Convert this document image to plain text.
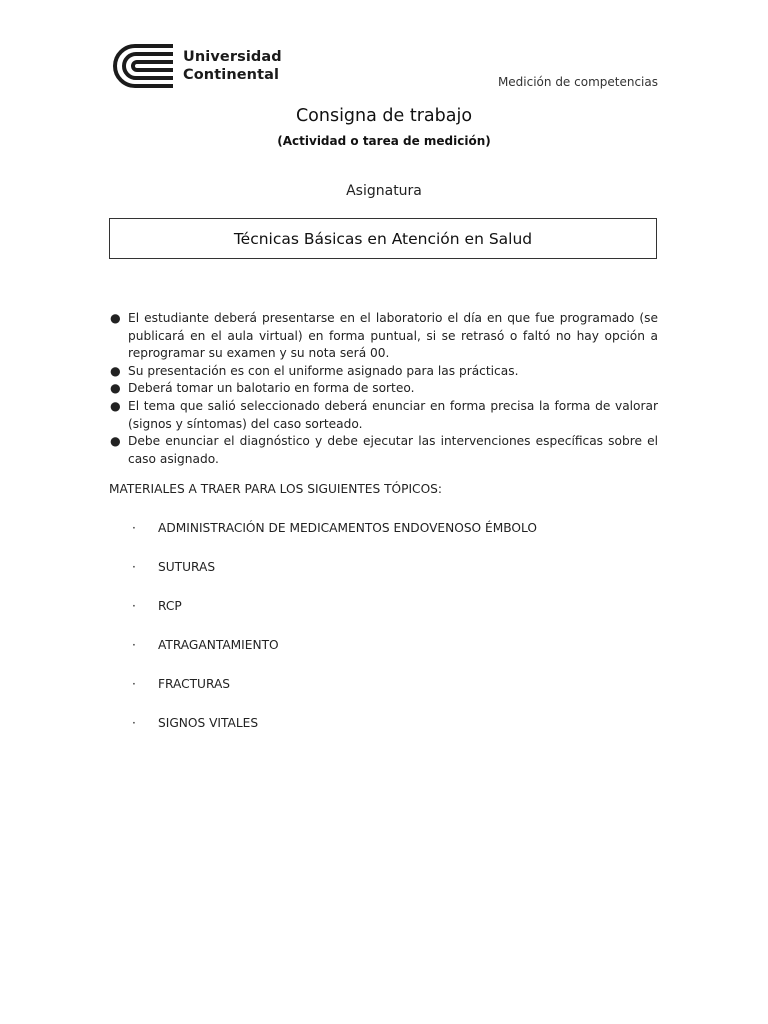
Universidad
Continental	Medición de competencias
Consigna de trabajo
(Actividad o tarea de medición)
Asignatura
Técnicas Básicas en Atención en Salud
● El estudiante deberá presentarse en el laboratorio el día en que fue programado (se publicará en el aula virtual) en forma puntual, si se retrasó o faltó no hay opción a reprogramar su examen y su nota será 00.
● Su presentación es con el uniforme asignado para las prácticas.
● Deberá tomar un balotario en forma de sorteo.
● El tema que salió seleccionado deberá enunciar en forma precisa la forma de valorar (signos y síntomas) del caso sorteado.
● Debe enunciar el diagnóstico y debe ejecutar las intervenciones específicas sobre el caso asignado.
MATERIALES A TRAER PARA LOS SIGUIENTES TÓPICOS:
·	ADMINISTRACIÓN DE MEDICAMENTOS ENDOVENOSO ÉMBOLO
·	SUTURAS
·	RCP
·	ATRAGANTAMIENTO
·	FRACTURAS
·	SIGNOS VITALES
